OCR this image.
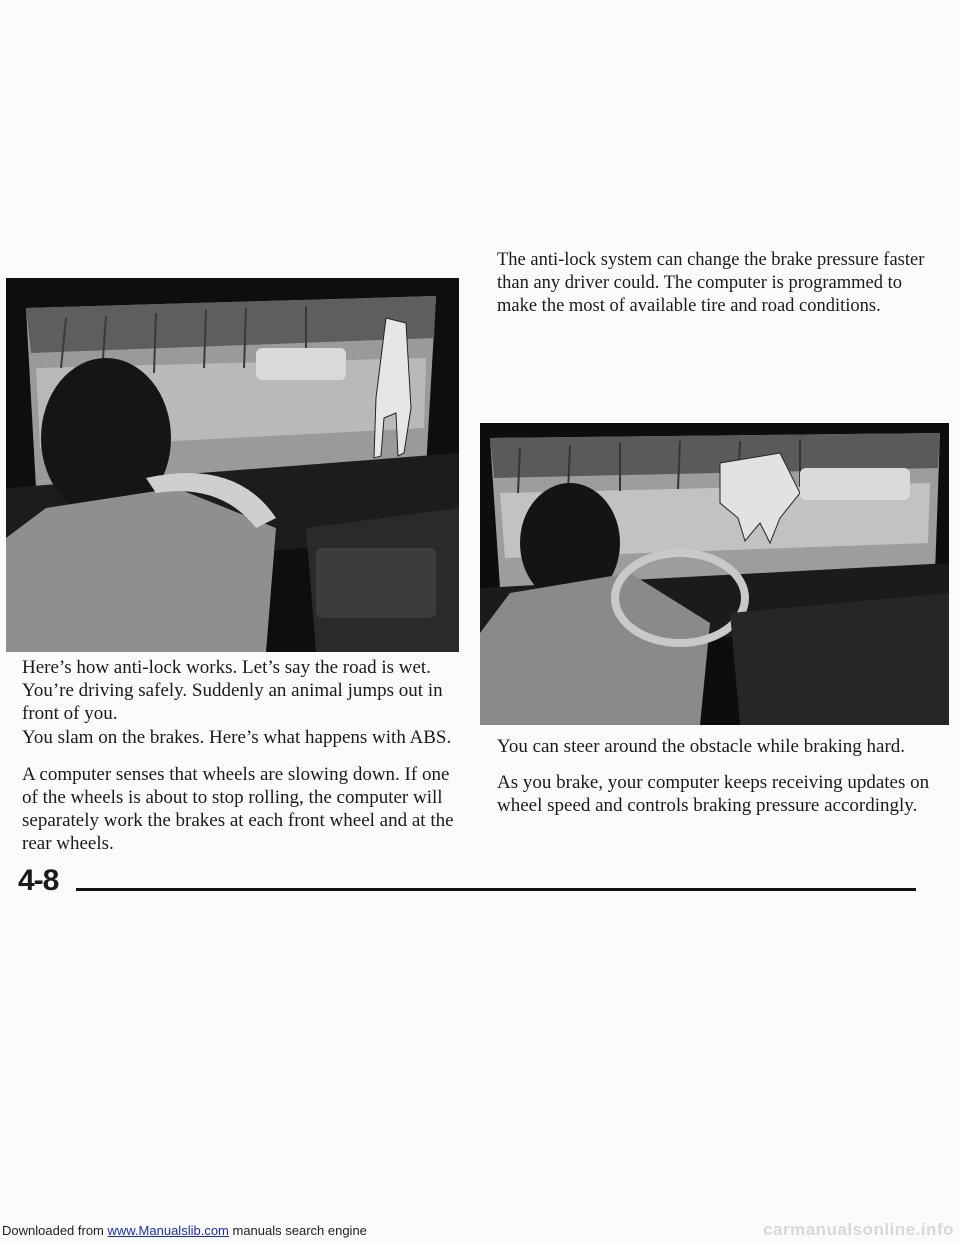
The anti-lock system can change the brake pressure faster than any driver could. The computer is programmed to make the most of available tire and road conditions.

Here’s how anti-lock works. Let’s say the road is wet. You’re driving safely. Suddenly an animal jumps out in front of you.

You slam on the brakes. Here’s what happens with ABS.

A computer senses that wheels are slowing down. If one of the wheels is about to stop rolling, the computer will separately work the brakes at each front wheel and at the rear wheels.

You can steer around the obstacle while braking hard.

As you brake, your computer keeps receiving updates on wheel speed and controls braking pressure accordingly.

4-8
Downloaded from www.Manualslib.com manuals search engine	carmanualsonline.info
